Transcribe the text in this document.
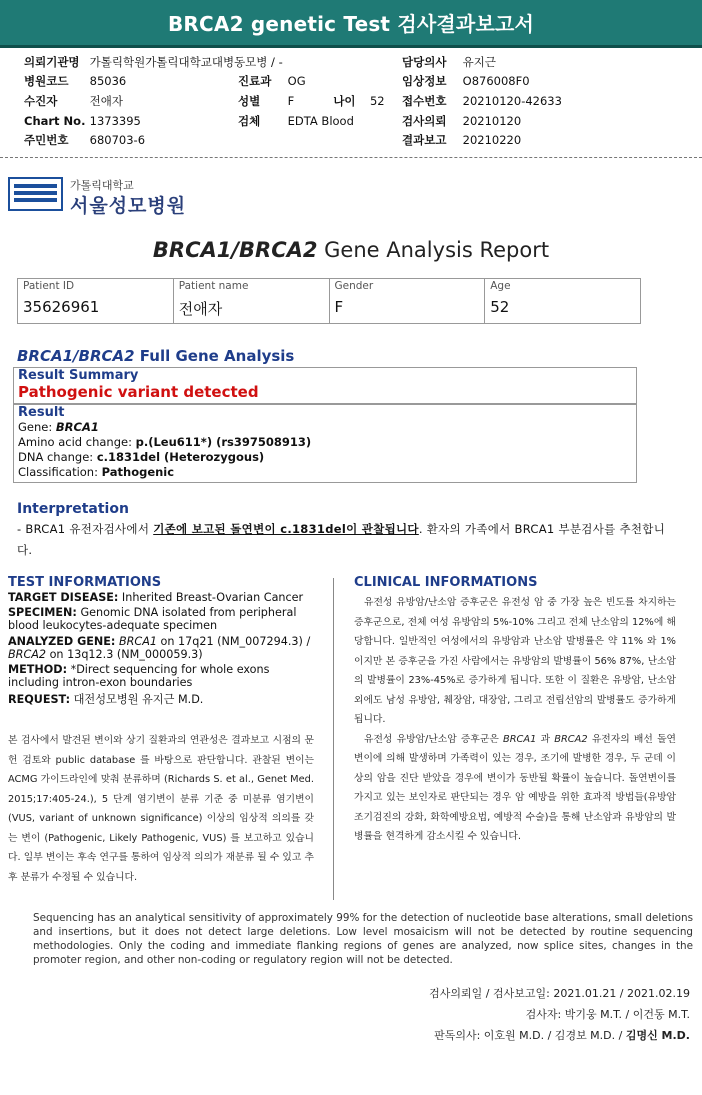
BRCA2 genetic Test 검사결과보고서
의뢰기관명 가톨릭학원가톨릭대학교대병동모병 / -
병원코드 85036
수진자	전애자
Chart No. 1373395
주민번호 680703-6
진료과 OG
성별 F	나이 52
검체 EDTA Blood
담당의사 유지근
임상정보 O876008F0
접수번호 20210120-42633
검사의뢰 20210120
결과보고 20210220
가톨릭대학교
서울성모병원
BRCA1/BRCA2 Gene Analysis Report
Patient ID
35626961
Patient name
전애자
Gender
F
Age
52
BRCA1/BRCA2 Full Gene Analysis
Result Summary
Pathogenic variant detected
Result
Gene: BRCA1
Amino acid change: p.(Leu611*) (rs397508913)
DNA change: c.1831del (Heterozygous)
Classification: Pathogenic
Interpretation
- BRCA1 유전자검사에서 기존에 보고된 돌연변이 c.1831del이 관찰됩니다. 환자의 가족에서 BRCA1 부분검사를 추천합니다.
TEST INFORMATIONS

TARGET DISEASE: Inherited Breast-Ovarian Cancer

SPECIMEN: Genomic DNA isolated from peripheral blood leukocytes-adequate specimen

ANALYZED GENE: BRCA1 on 17q21 (NM_007294.3) / BRCA2 on 13q12.3 (NM_000059.3)

METHOD: *Direct sequencing for whole exons including intron-exon boundaries

REQUEST: 대전성모병원 유지근 M.D.

본 검사에서 발견된 변이와 상기 질환과의 연관성은 결과보고 시점의 문헌 검토와 public database 를 바탕으로 판단합니다. 관찰된 변이는 ACMG 가이드라인에 맞춰 분류하며 (Richards S. et al., Genet Med. 2015;17:405-24.), 5 단계 염기변이 분류 기준 중 미분류 염기변이 (VUS, variant of unknown significance) 이상의 임상적 의의를 갖는 변이 (Pathogenic, Likely Pathogenic, VUS) 를 보고하고 있습니다. 일부 변이는 후속 연구를 통하여 임상적 의의가 재분류 될 수 있고 추후 분류가 수정될 수 있습니다.
CLINICAL INFORMATIONS

유전성 유방암/난소암 증후군은 유전성 암 중 가장 높은 빈도를 차지하는 증후군으로, 전체 여성 유방암의 5%-10% 그리고 전체 난소암의 12%에 해당합니다. 일반적인 여성에서의 유방암과 난소암 발병률은 약 11% 와 1%이지만 본 증후군을 가진 사람에서는 유방암의 발병률이 56% 87%, 난소암의 발병률이 23%-45%로 증가하게 됩니다. 또한 이 질환은 유방암, 난소암 외에도 남성 유방암, 췌장암, 대장암, 그리고 전립선암의 발병률도 증가하게 됩니다.

유전성 유방암/난소암 증후군은 BRCA1 과 BRCA2 유전자의 배선 돌연변이에 의해 발생하며 가족력이 있는 경우, 조기에 발병한 경우, 두 군데 이상의 암을 진단 받았을 경우에 변이가 동반될 확률이 높습니다. 돌연변이를 가지고 있는 보인자로 판단되는 경우 암 예방을 위한 효과적 방법들(유방암 조기검진의 강화, 화학예방요법, 예방적 수술)을 통해 난소암과 유방암의 발병률을 현격하게 감소시킬 수 있습니다.

Sequencing has an analytical sensitivity of approximately 99% for the detection of nucleotide base alterations, small deletions and insertions, but it does not detect large deletions. Low level mosaicism will not be detected by routine sequencing methodologies. Only the coding and immediate flanking regions of genes are analyzed, now splice sites, changes in the promoter region, and other non-coding or regulatory region will not be detected.
검사의뢰일 / 검사보고일: 2021.01.21 / 2021.02.19
검사자: 박기웅 M.T. / 이건동 M.T.
판독의사: 이호원 M.D. / 김경보 M.D. / 김명신 M.D.
